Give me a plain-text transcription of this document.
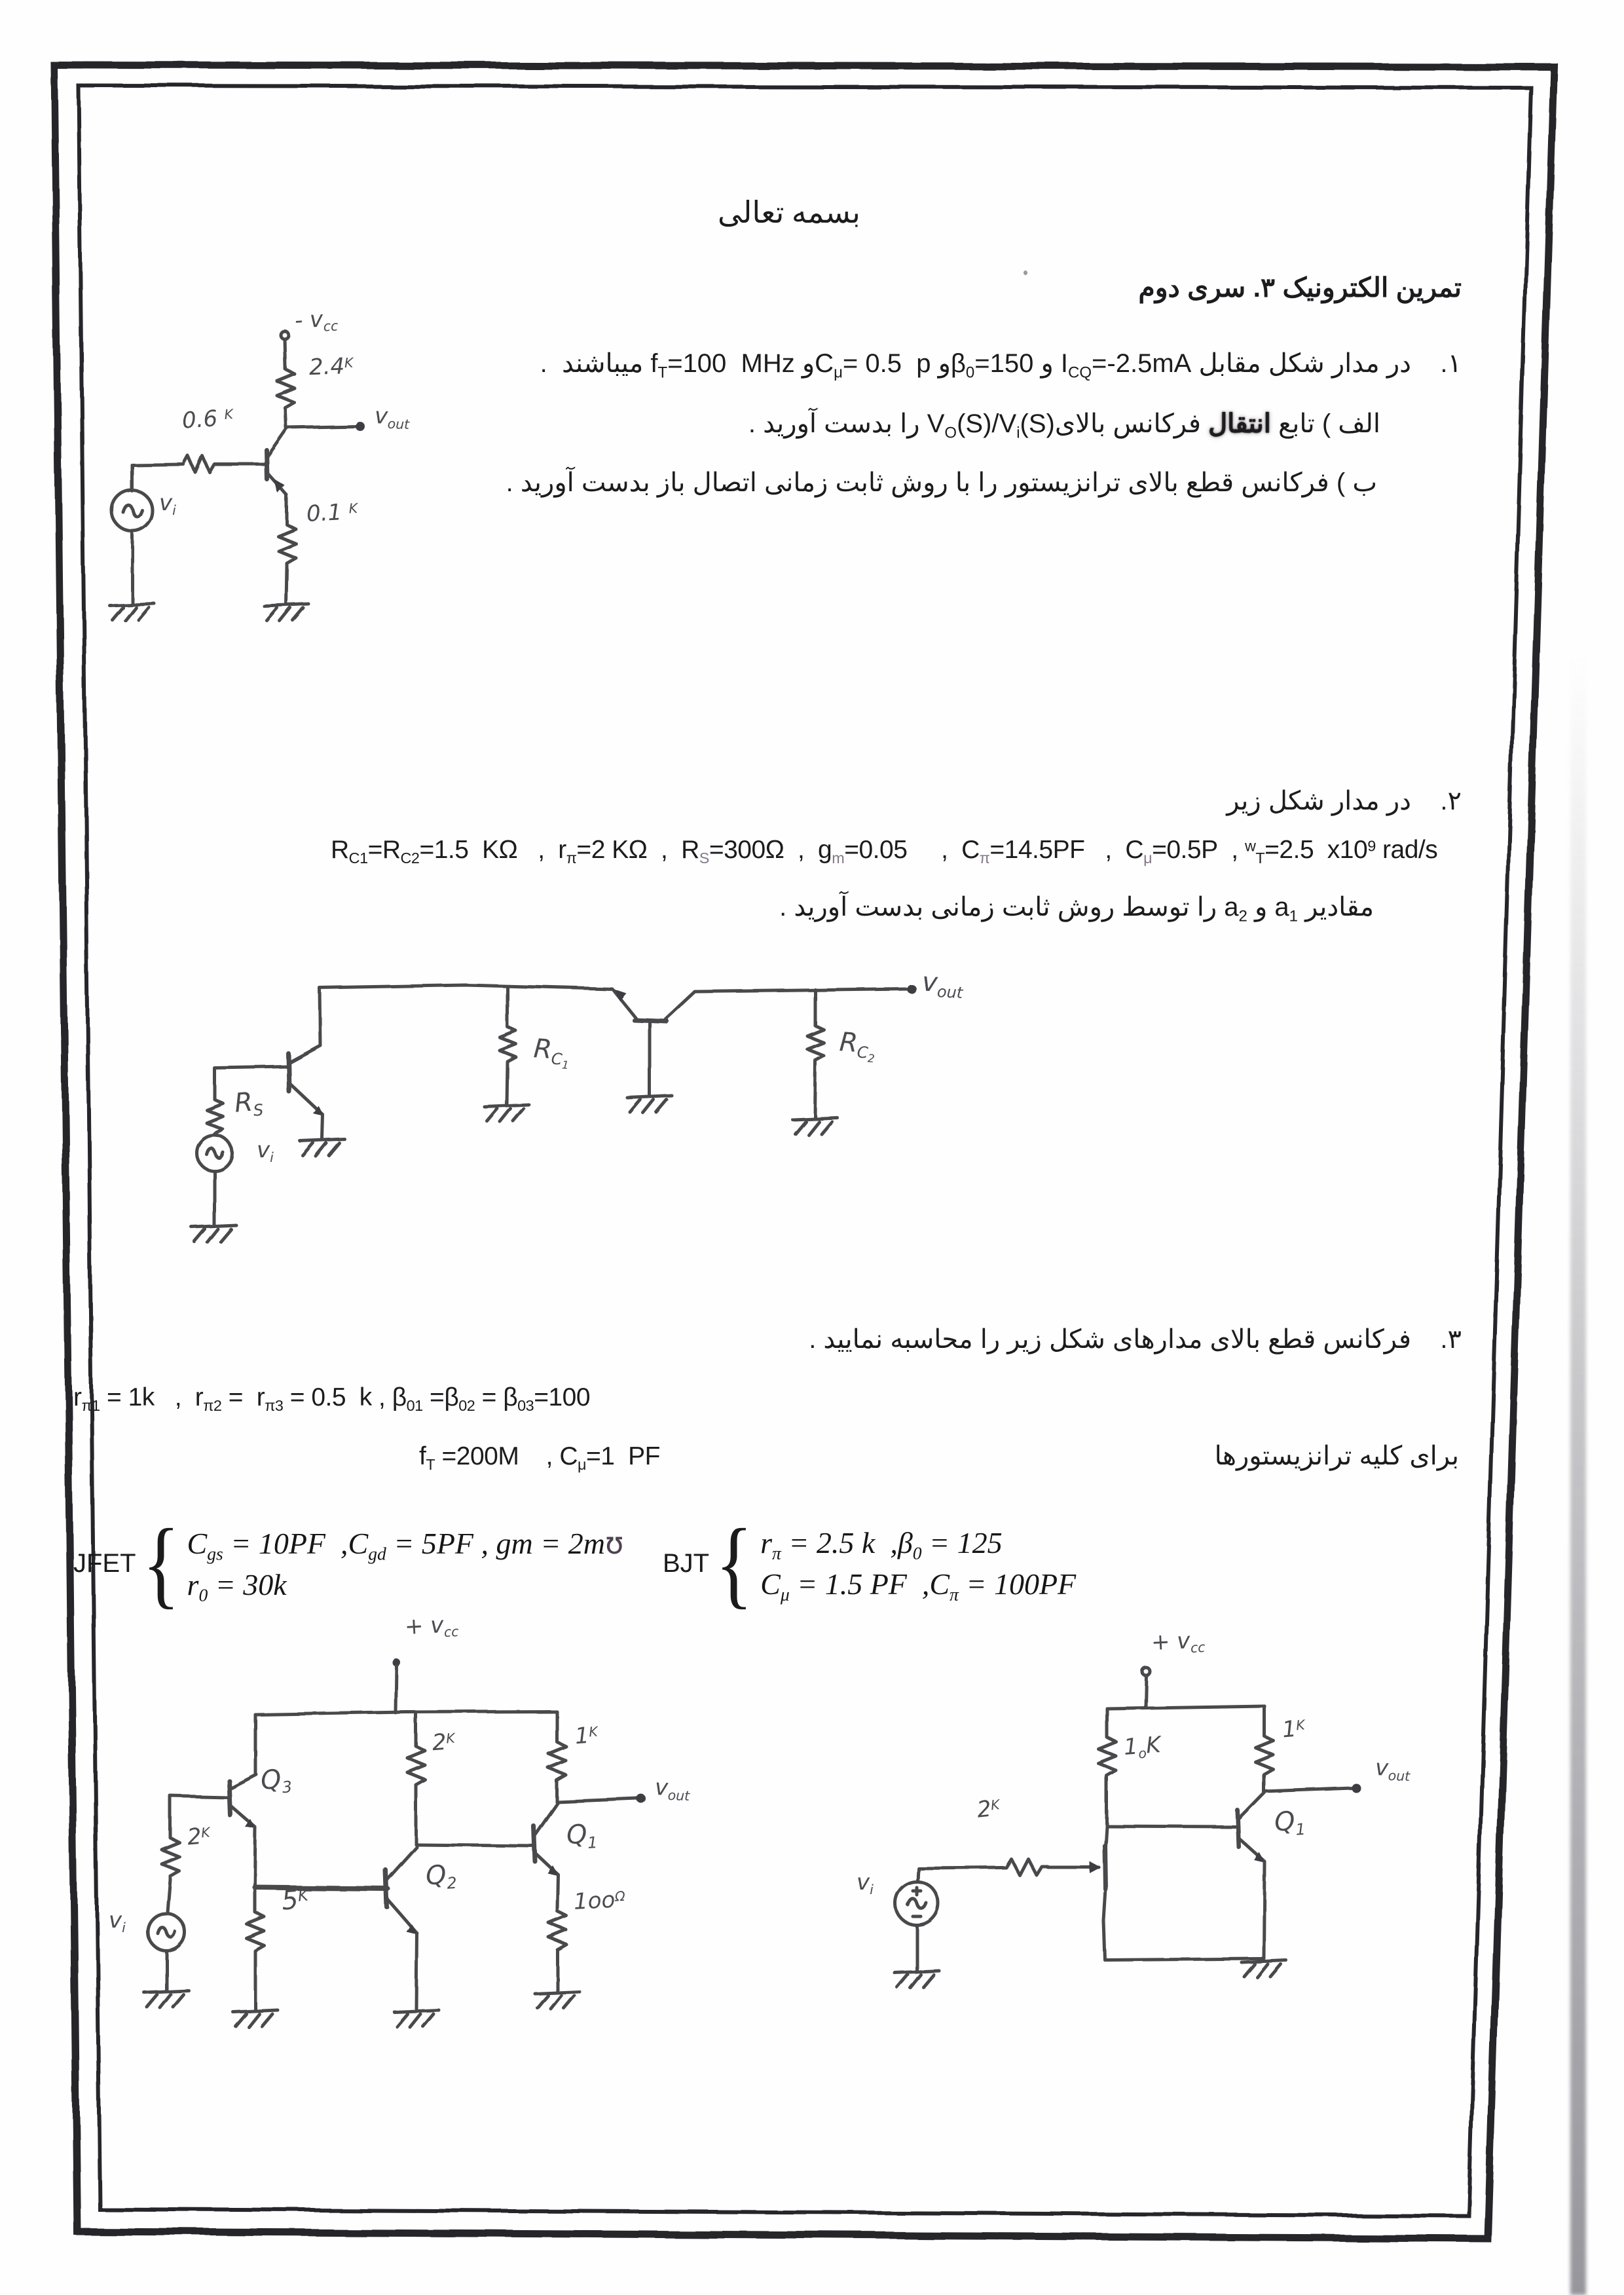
بسمه تعالی
تمرین الکترونیک ۳. سری دوم
۱.    در مدار شکل مقابل $I_{CQ}=-2.5mA$ و $\beta_0=150و$ $C_\mu= 0.5$  pو $f_T=100$  MHz میباشند  .
الف ) تابع انتقال فرکانس $بالایV_O(S)/V_i(S)$ را بدست آورید .
ب ) فرکانس قطع بالای ترانزیستور را با روش ثابت زمانی اتصال باز بدست آورید .
- $v_{cc}$
$2.4^K$
$v_{out}$
0.6 $^K$
$v_i$	0.1 $^K$
۲.    در مدار شکل زیر
$R_{C1}=R_{C2}=1.5$  KΩ   ,  $r_\pi=2$ KΩ  ,  $R_S=300\Omega$  ,  $g_m=0.05$     ,  $C_\pi=14.5PF$   ,  $C_\mu=0.5P$  , $^w_T$=2.5  $x10^9$ rad/s
مقادیر $a_1$ و $a_2$ را توسط روش ثابت زمانی بدست آورید .
$R_S$
$R_{C1}$
$R_{C2}$
$v_{out}$
$v_i$
۳.    فرکانس قطع بالای مدارهای شکل زیر را محاسبه نمایید .
$r_{\pi 1} = 1k$   ,  $r_{\pi 2} = r_{\pi 3} = 0.5$  k , $\beta_{01} =\beta_{02} = \beta_{03}=100$
$f_T =200M$    , $C_\mu=1$  PF	برای کلیه ترانزیستورها
JFET { $C_{gs} = 10PF$  $,C_{gd} = 5PF$ , gm = 2mʊ
$r_0 = 30k$
BJT { $r_\pi = 2.5$ k  $,\beta_0 = 125$
$C_\mu = 1.5$ PF  $,C_\pi = 100PF$
+ $v_{cc}$
$2^K$	$1^K$
$v_{out}$
$Q_3$
$Q_2$
$Q_1$
$2^K$
$5^K$	$1oo^\Omega$
$v_i$
+ $v_{cc}$
$1_oK$
$1^K$
$v_{out}$
$Q_1$
$2^K$
$v_i$
